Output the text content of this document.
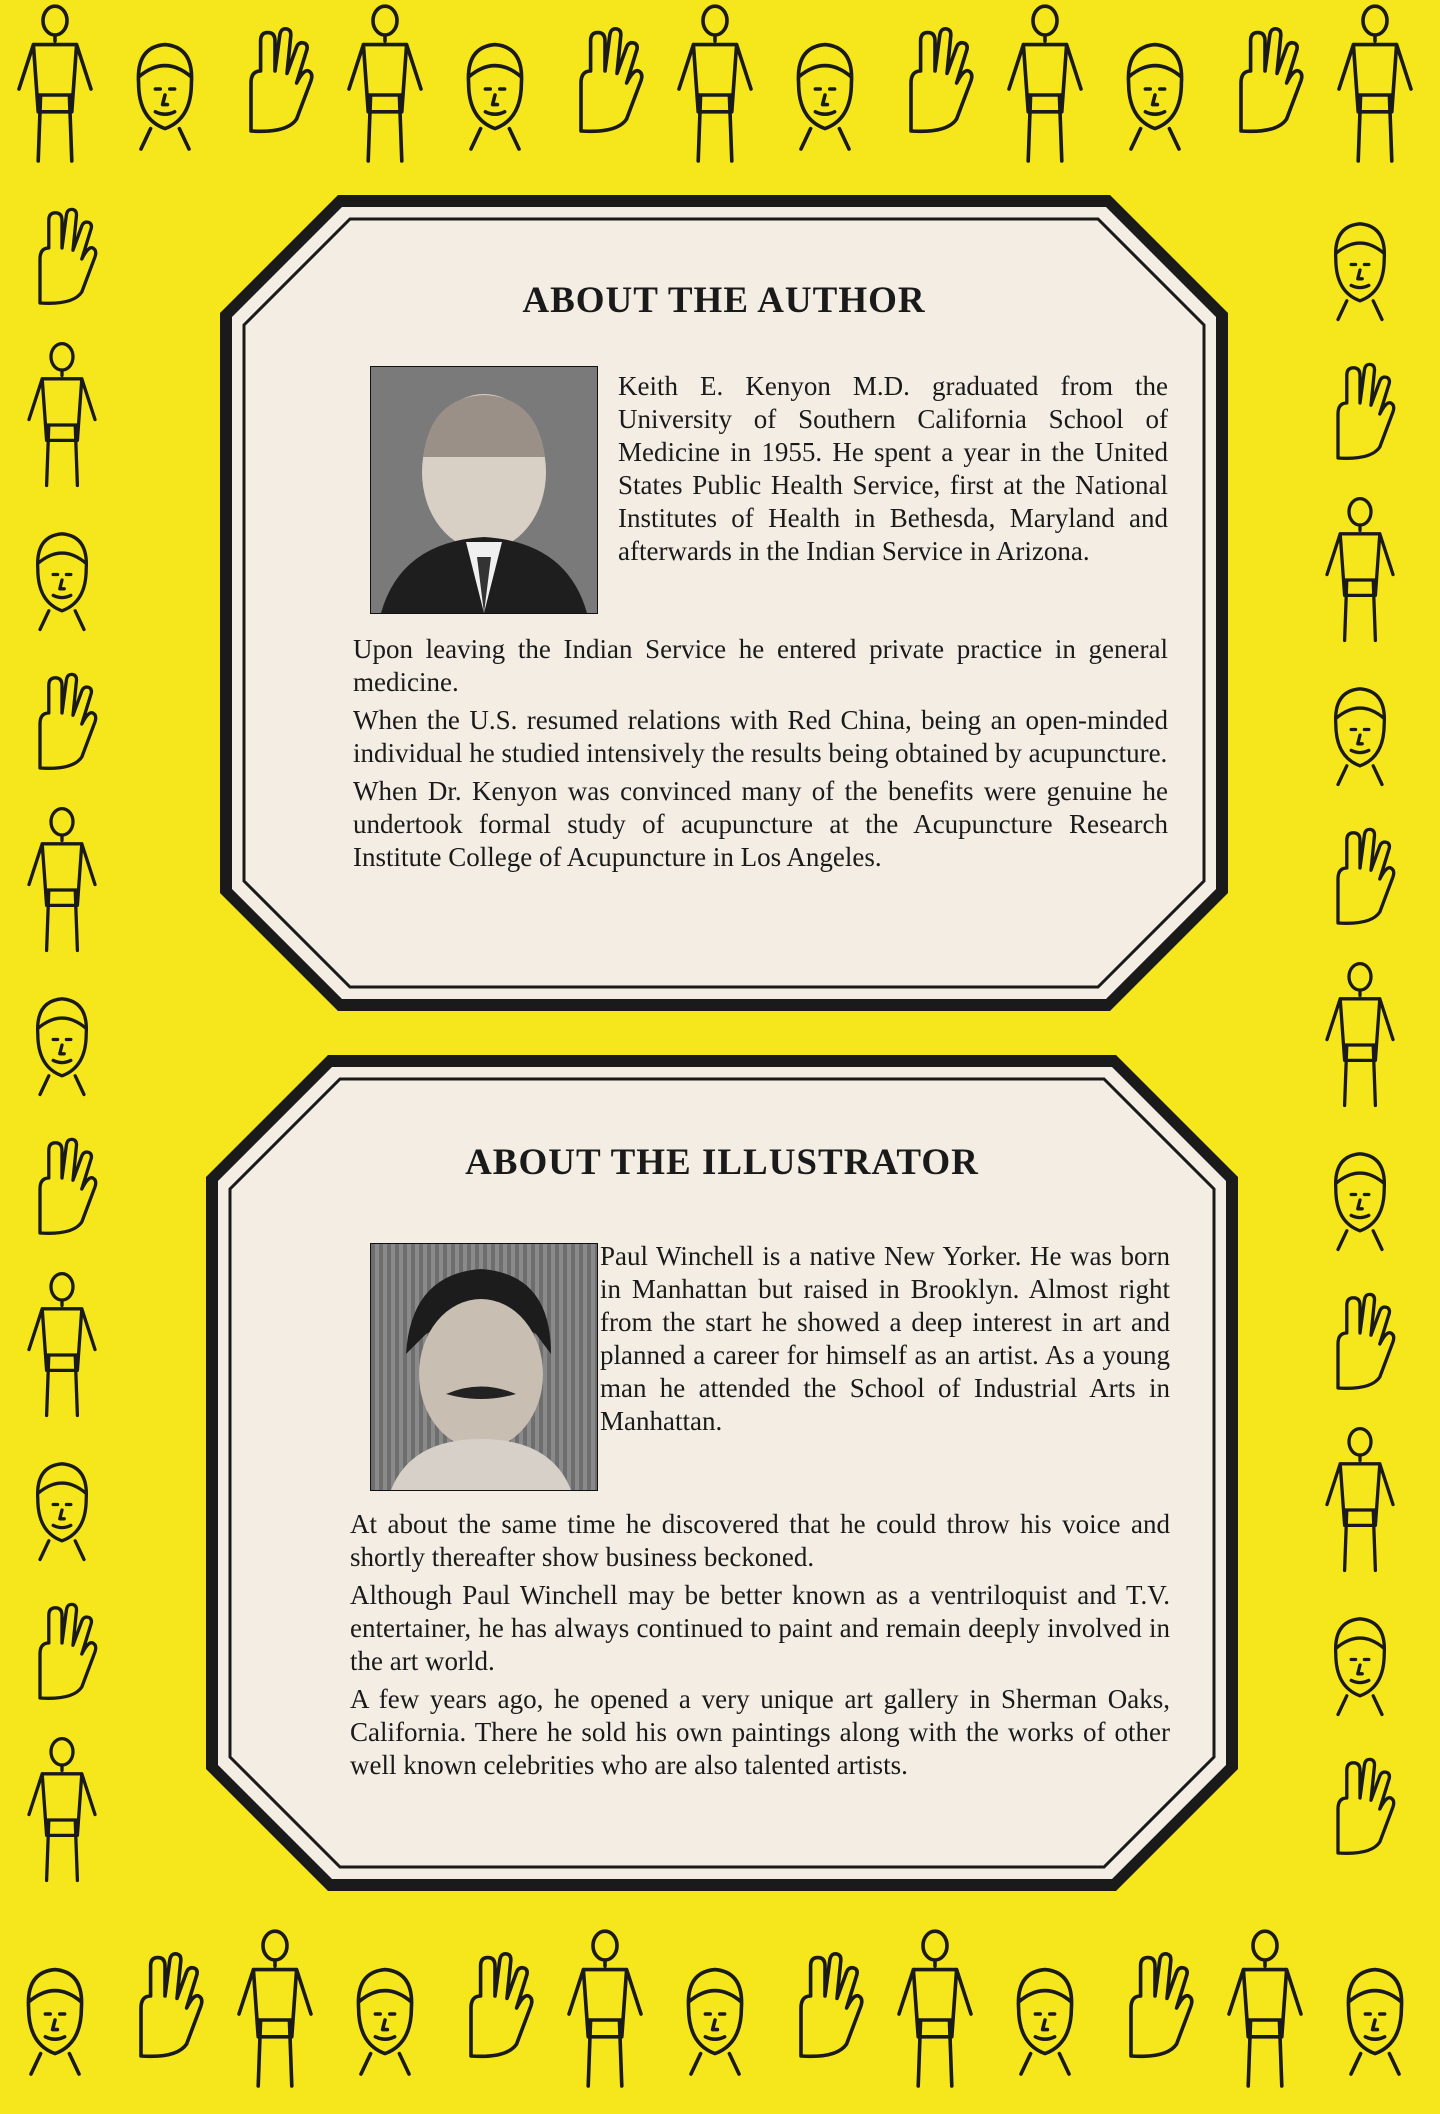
ABOUT THE AUTHOR
Keith E. Kenyon M.D. graduated from the University of Southern California School of Medicine in 1955. He spent a year in the United States Public Health Service, first at the National Institutes of Health in Bethesda, Maryland and afterwards in the Indian Service in Arizona.

Upon leaving the Indian Service he entered private practice in general medicine.

When the U.S. resumed relations with Red China, being an open-minded individual he studied intensively the results being obtained by acupuncture.

When Dr. Kenyon was convinced many of the benefits were genuine he undertook formal study of acupuncture at the Acupuncture Research Institute College of Acupuncture in Los Angeles.

ABOUT THE ILLUSTRATOR
Paul Winchell is a native New Yorker. He was born in Manhattan but raised in Brooklyn. Almost right from the start he showed a deep interest in art and planned a career for himself as an artist. As a young man he attended the School of Industrial Arts in Manhattan.

At about the same time he discovered that he could throw his voice and shortly thereafter show business beckoned.

Although Paul Winchell may be better known as a ventriloquist and T.V. entertainer, he has always continued to paint and remain deeply involved in the art world.

A few years ago, he opened a very unique art gallery in Sherman Oaks, California. There he sold his own paintings along with the works of other well known celebrities who are also talented artists.
